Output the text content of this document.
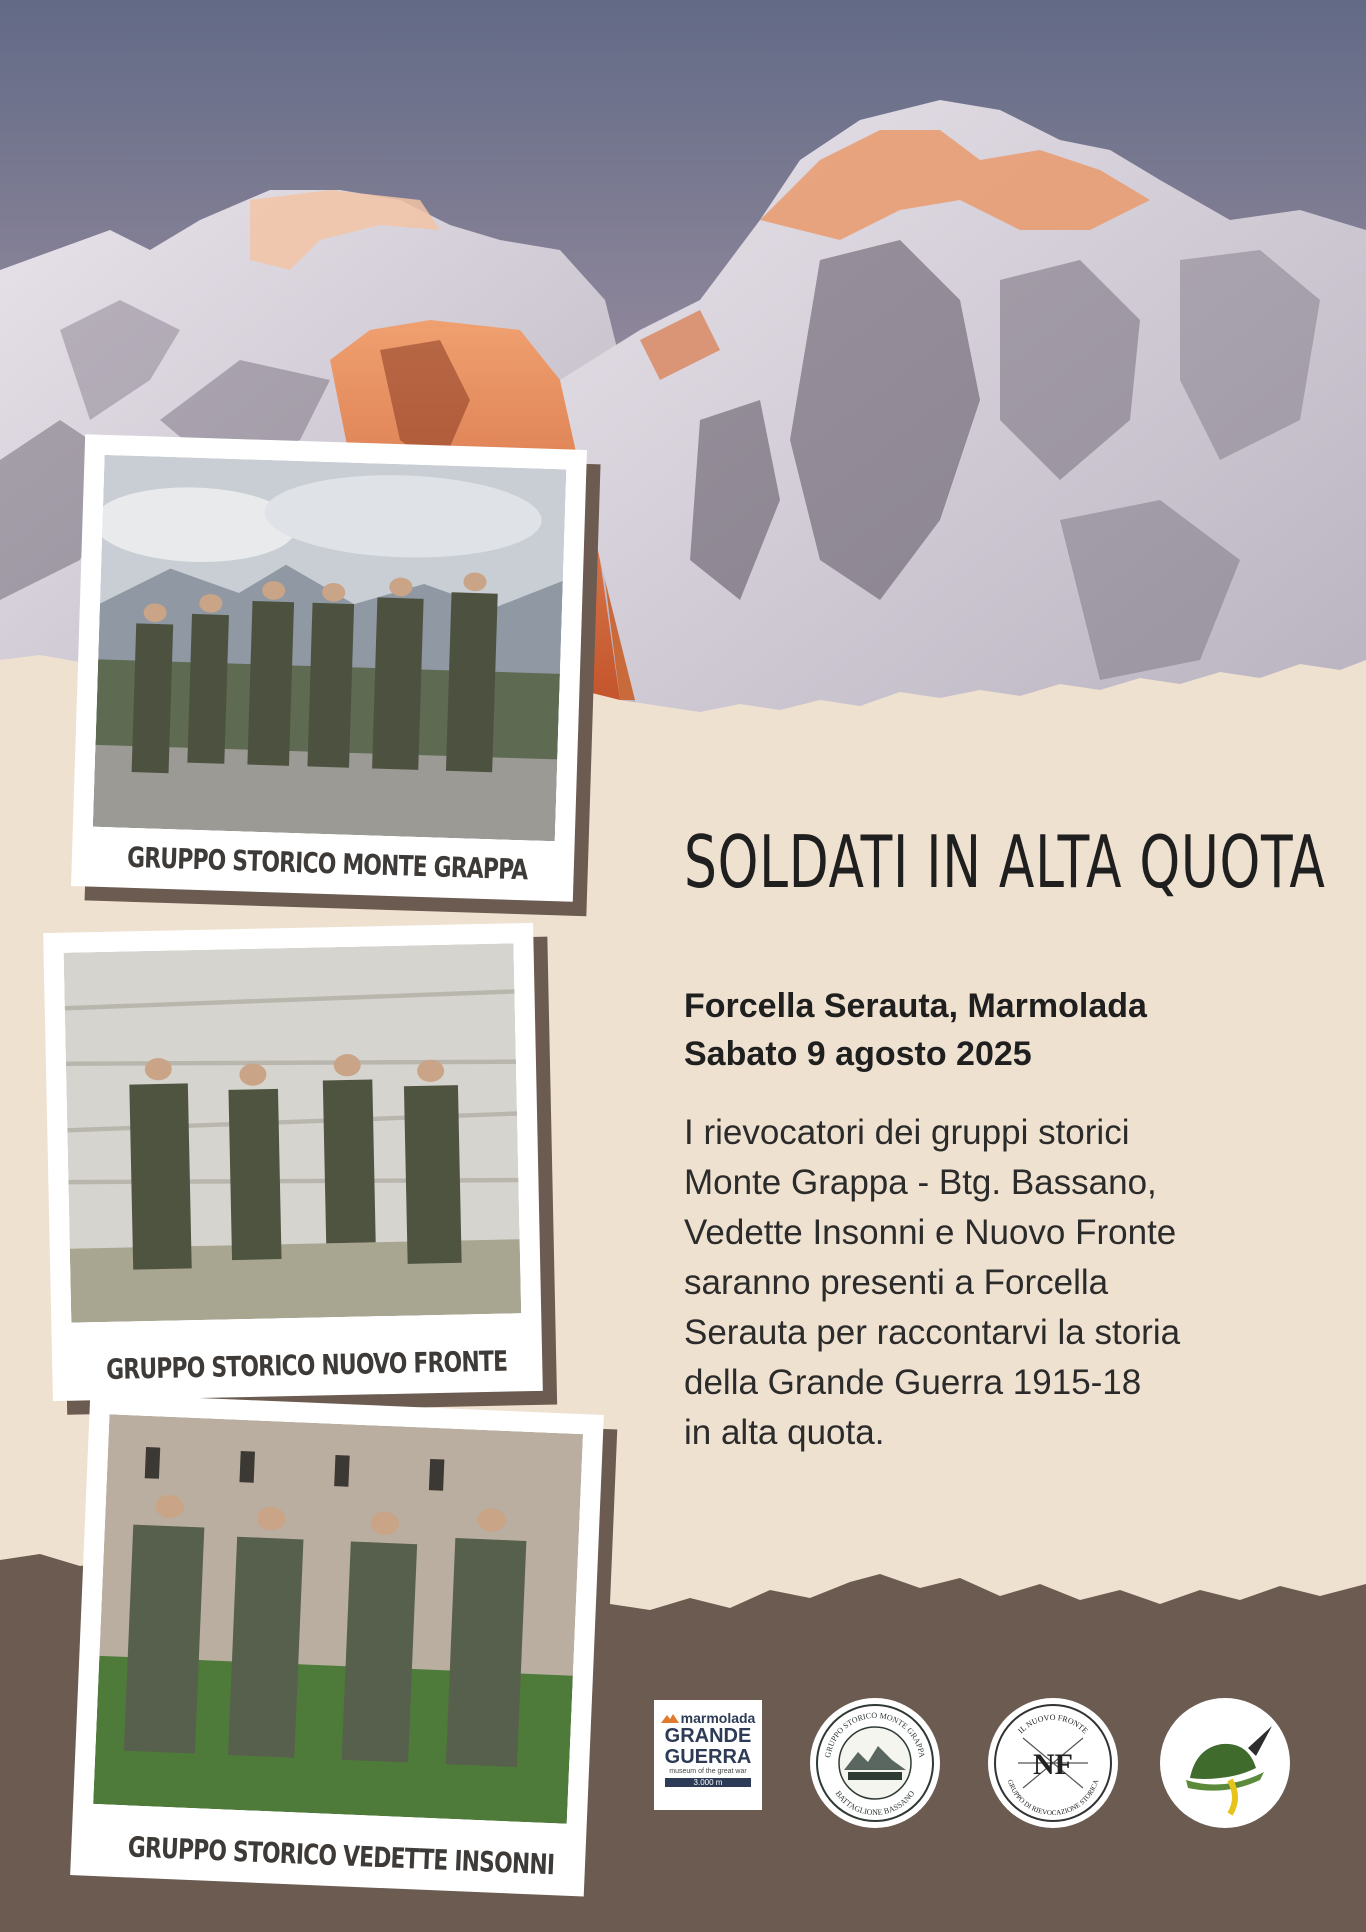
GRUPPO STORICO MONTE GRAPPA
GRUPPO STORICO NUOVO FRONTE
GRUPPO STORICO VEDETTE INSONNI
SOLDATI IN ALTA QUOTA
Forcella Serauta, Marmolada
Sabato 9 agosto 2025
I rievocatori dei gruppi storici
Monte Grappa - Btg. Bassano,
Vedette Insonni e Nuovo Fronte
saranno presenti a Forcella
Serauta per raccontarvi la storia
della Grande Guerra 1915-18
in alta quota.
marmolada
GRANDE
GUERRA
museum of the great war
3.000 m
GRUPPO STORICO MONTE GRAPPA
BATTAGLIONE BASSANO
NF
IL NUOVO FRONTE
GRUPPO DI RIEVOCAZIONE STORICA
